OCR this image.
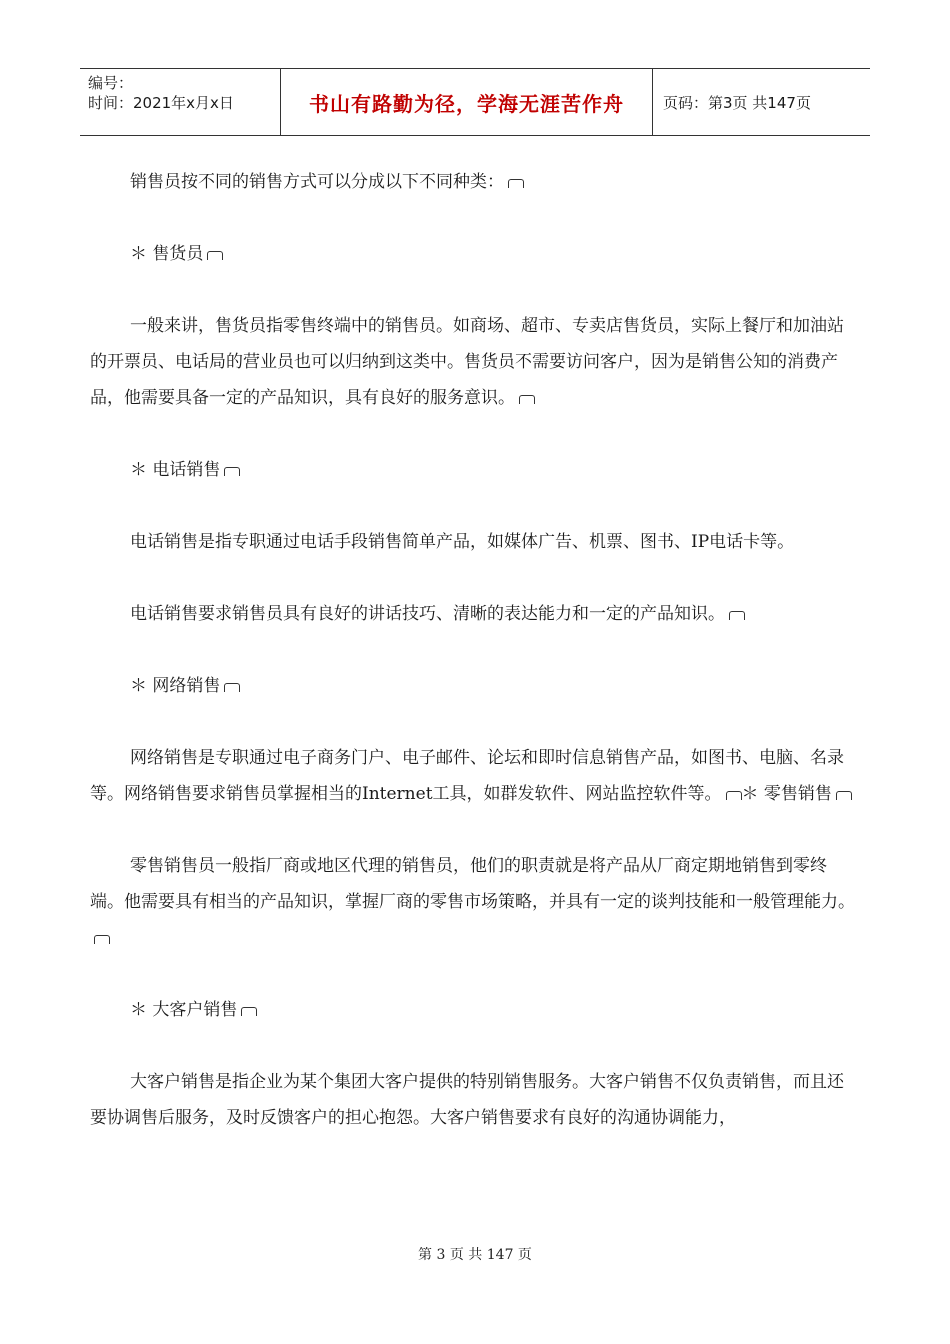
编号：
时间：2021年x月x日	书山有路勤为径，学海无涯苦作舟	页码：第3页 共147页

销售员按不同的销售方式可以分成以下不同种类：

＊ 售货员

一般来讲，售货员指零售终端中的销售员。如商场、超市、专卖店售货员，实际上餐厅和加油站的开票员、电话局的营业员也可以归纳到这类中。售货员不需要访问客户，因为是销售公知的消费产品，他需要具备一定的产品知识，具有良好的服务意识。

＊ 电话销售

电话销售是指专职通过电话手段销售简单产品，如媒体广告、机票、图书、IP电话卡等。

电话销售要求销售员具有良好的讲话技巧、清晰的表达能力和一定的产品知识。

＊ 网络销售

网络销售是专职通过电子商务门户、电子邮件、论坛和即时信息销售产品，如图书、电脑、名录等。网络销售要求销售员掌握相当的Internet工具，如群发软件、网站监控软件等。 ＊ 零售销售

零售销售员一般指厂商或地区代理的销售员，他们的职责就是将产品从厂商定期地销售到零终端。他需要具有相当的产品知识，掌握厂商的零售市场策略，并具有一定的谈判技能和一般管理能力。

＊ 大客户销售

大客户销售是指企业为某个集团大客户提供的特别销售服务。大客户销售不仅负责销售，而且还要协调售后服务，及时反馈客户的担心抱怨。大客户销售要求有良好的沟通协调能力，

第 3 页 共 147 页
